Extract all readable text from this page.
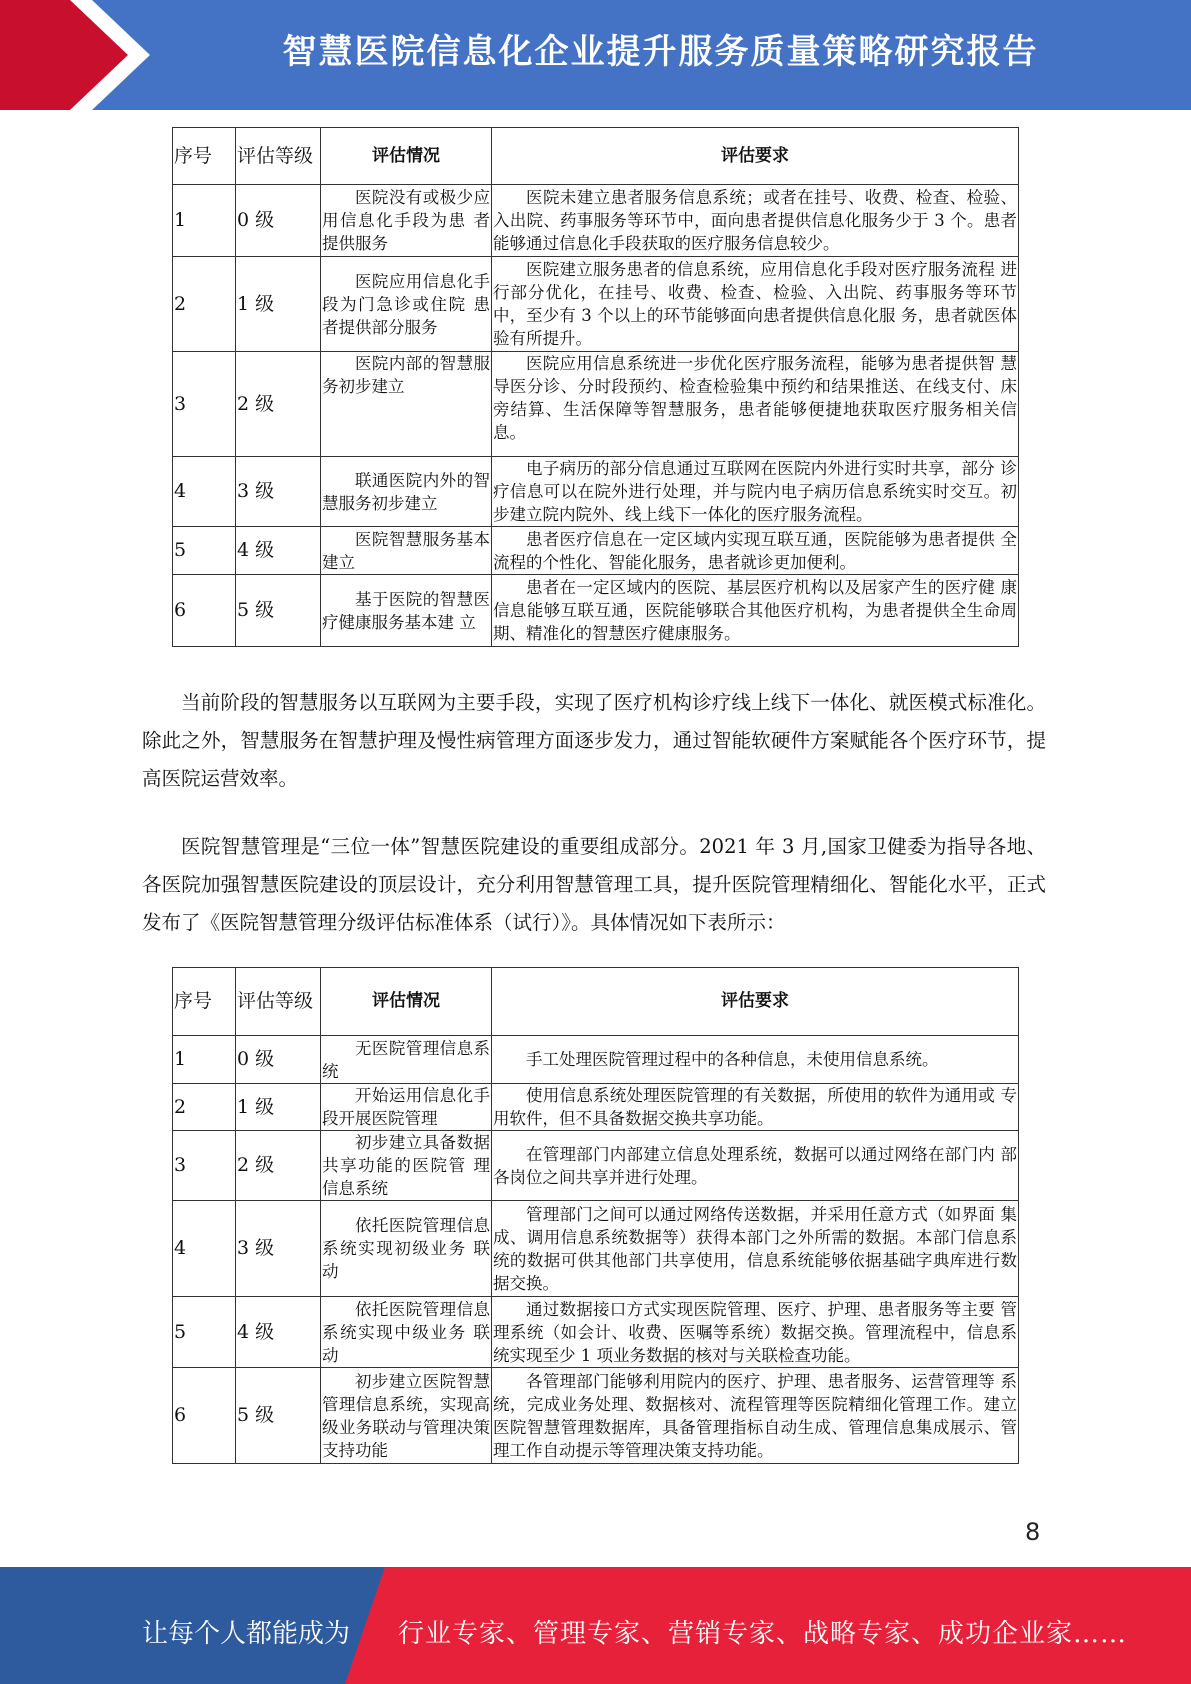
智慧医院信息化企业提升服务质量策略研究报告
序号	评估等级	评估情况	评估要求
1	0 级	医院没有或极少应 用信息化手段为患 者提供服务	医院未建立患者服务信息系统；或者在挂号、收费、检查、检验、入出院、药事服务等环节中，面向患者提供信息化服务少于 3 个。患者能够通过信息化手段获取的医疗服务信息较少。
2	1 级	医院应用信息化手 段为门急诊或住院 患者提供部分服务	医院建立服务患者的信息系统，应用信息化手段对医疗服务流程 进行部分优化，在挂号、收费、检查、检验、入出院、药事服务等环节中，至少有 3 个以上的环节能够面向患者提供信息化服 务，患者就医体验有所提升。
3	2 级	医院内部的智慧服 务初步建立	医院应用信息系统进一步优化医疗服务流程，能够为患者提供智 慧导医分诊、分时段预约、检查检验集中预约和结果推送、在线支付、床旁结算、生活保障等智慧服务，患者能够便捷地获取医疗服务相关信息。
4	3 级	联通医院内外的智 慧服务初步建立	电子病历的部分信息通过互联网在医院内外进行实时共享，部分 诊疗信息可以在院外进行处理，并与院内电子病历信息系统实时交互。初步建立院内院外、线上线下一体化的医疗服务流程。
5	4 级	医院智慧服务基本 建立	患者医疗信息在一定区域内实现互联互通，医院能够为患者提供 全流程的个性化、智能化服务，患者就诊更加便利。
6	5 级	基于医院的智慧医 疗健康服务基本建 立	患者在一定区域内的医院、基层医疗机构以及居家产生的医疗健 康信息能够互联互通，医院能够联合其他医疗机构，为患者提供全生命周期、精准化的智慧医疗健康服务。
当前阶段的智慧服务以互联网为主要手段，实现了医疗机构诊疗线上线下一体化、就医模式标准化。除此之外，智慧服务在智慧护理及慢性病管理方面逐步发力，通过智能软硬件方案赋能各个医疗环节，提高医院运营效率。
医院智慧管理是“三位一体”智慧医院建设的重要组成部分。2021 年 3 月,国家卫健委为指导各地、各医院加强智慧医院建设的顶层设计，充分利用智慧管理工具，提升医院管理精细化、智能化水平，正式发布了《医院智慧管理分级评估标准体系（试行）》。具体情况如下表所示：
序号	评估等级	评估情况	评估要求
1	0 级	无医院管理信息系 统	手工处理医院管理过程中的各种信息，未使用信息系统。
2	1 级	开始运用信息化手 段开展医院管理	使用信息系统处理医院管理的有关数据，所使用的软件为通用或 专用软件，但不具备数据交换共享功能。
3	2 级	初步建立具备数据 共享功能的医院管 理信息系统	在管理部门内部建立信息处理系统，数据可以通过网络在部门内 部各岗位之间共享并进行处理。
4	3 级	依托医院管理信息 系统实现初级业务 联动	管理部门之间可以通过网络传送数据，并采用任意方式（如界面 集成、调用信息系统数据等）获得本部门之外所需的数据。本部门信息系统的数据可供其他部门共享使用，信息系统能够依据基础字典库进行数据交换。
5	4 级	依托医院管理信息 系统实现中级业务 联动	通过数据接口方式实现医院管理、医疗、护理、患者服务等主要 管理系统（如会计、收费、医嘱等系统）数据交换。管理流程中，信息系统实现至少 1 项业务数据的核对与关联检查功能。
6	5 级	初步建立医院智慧 管理信息系统，实现高级业务联动与管理决策支持功能	各管理部门能够利用院内的医疗、护理、患者服务、运营管理等 系统，完成业务处理、数据核对、流程管理等医院精细化管理工作。建立医院智慧管理数据库，具备管理指标自动生成、管理信息集成展示、管理工作自动提示等管理决策支持功能。
8
让每个人都能成为 行业专家、管理专家、营销专家、战略专家、成功企业家……
